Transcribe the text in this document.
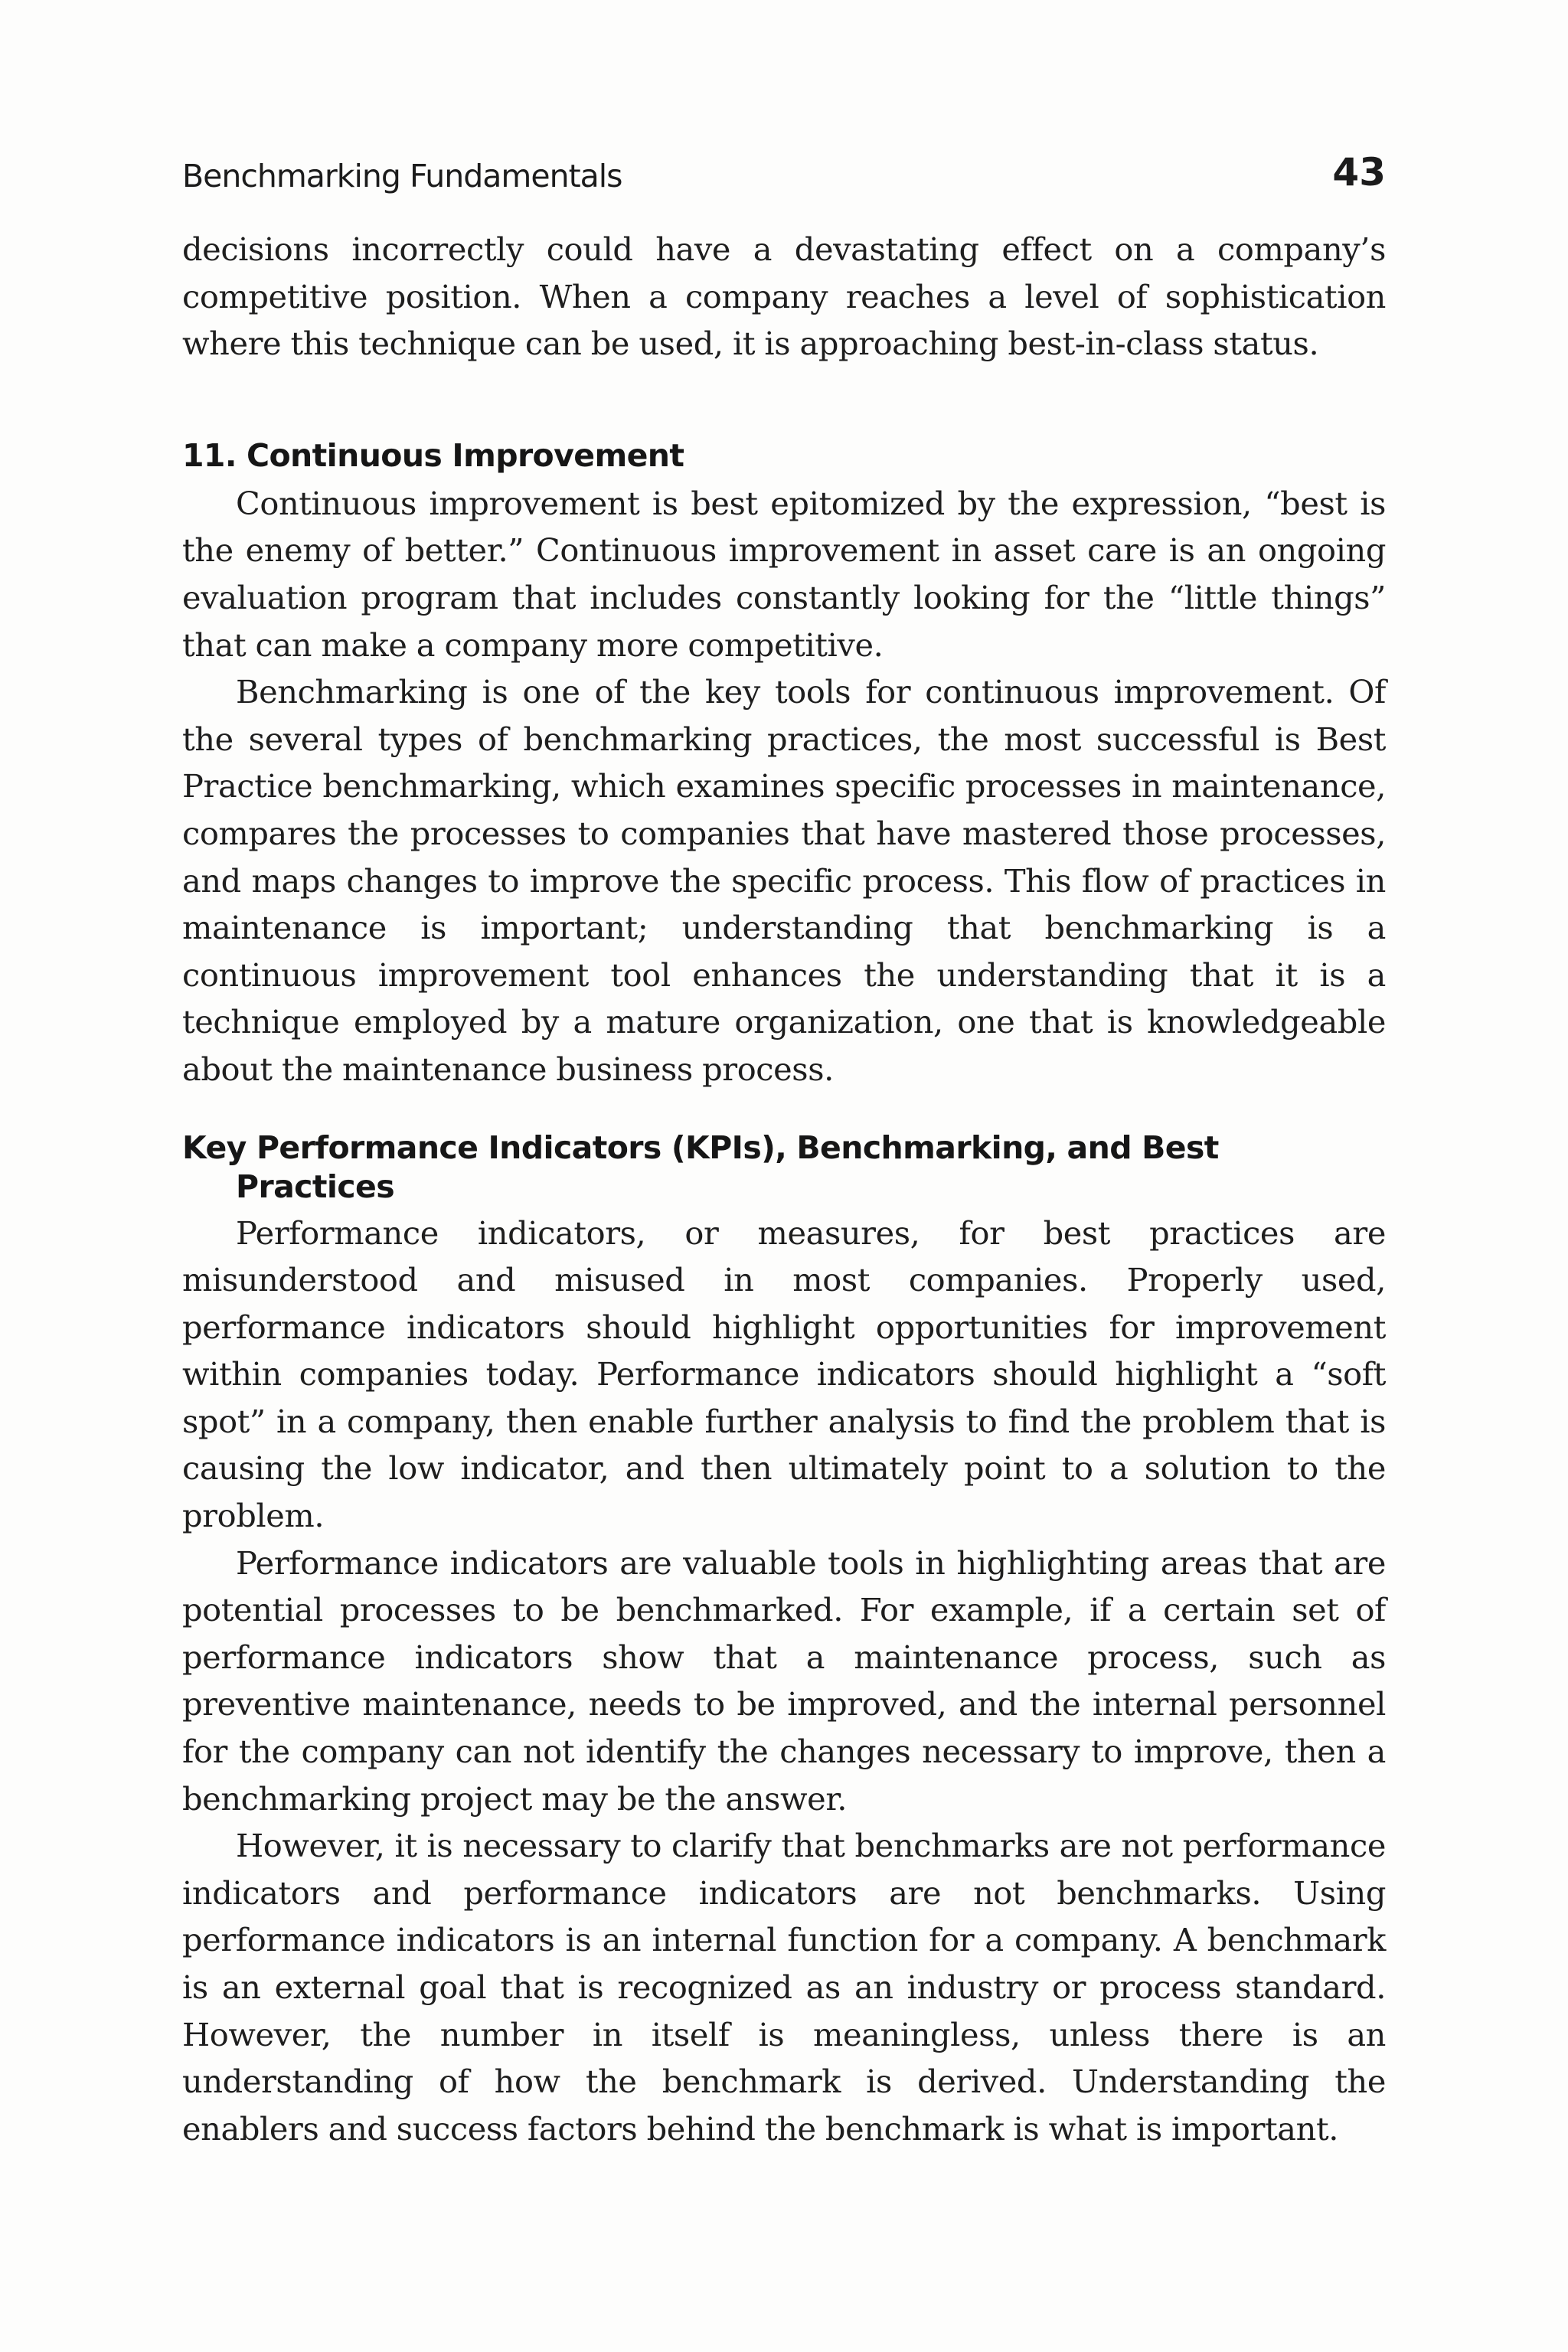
Benchmarking Fundamentals	43

decisions incorrectly could have a devastating effect on a company’s competitive position. When a company reaches a level of sophistication where this technique can be used, it is approaching best-in-class status.

11. Continuous Improvement

Continuous improvement is best epitomized by the expression, “best is the enemy of better.” Continuous improvement in asset care is an ongoing evaluation program that includes constantly looking for the “little things” that can make a company more competitive.

Benchmarking is one of the key tools for continuous improvement. Of the several types of benchmarking practices, the most successful is Best Practice benchmarking, which examines specific processes in maintenance, compares the processes to companies that have mastered those processes, and maps changes to improve the specific process. This flow of practices in maintenance is important; understanding that benchmarking is a continuous improvement tool enhances the understanding that it is a technique employed by a mature organization, one that is knowledgeable about the maintenance business process.

Key Performance Indicators (KPIs), Benchmarking, and Best Practices

Performance indicators, or measures, for best practices are misunderstood and misused in most companies. Properly used, performance indicators should highlight opportunities for improvement within companies today. Performance indicators should highlight a “soft spot” in a company, then enable further analysis to find the problem that is causing the low indicator, and then ultimately point to a solution to the problem.

Performance indicators are valuable tools in highlighting areas that are potential processes to be benchmarked. For example, if a certain set of performance indicators show that a maintenance process, such as preventive maintenance, needs to be improved, and the internal personnel for the company can not identify the changes necessary to improve, then a benchmarking project may be the answer.

However, it is necessary to clarify that benchmarks are not performance indicators and performance indicators are not benchmarks. Using performance indicators is an internal function for a company. A benchmark is an external goal that is recognized as an industry or process standard. However, the number in itself is meaningless, unless there is an understanding of how the benchmark is derived. Understanding the enablers and success factors behind the benchmark is what is important.
